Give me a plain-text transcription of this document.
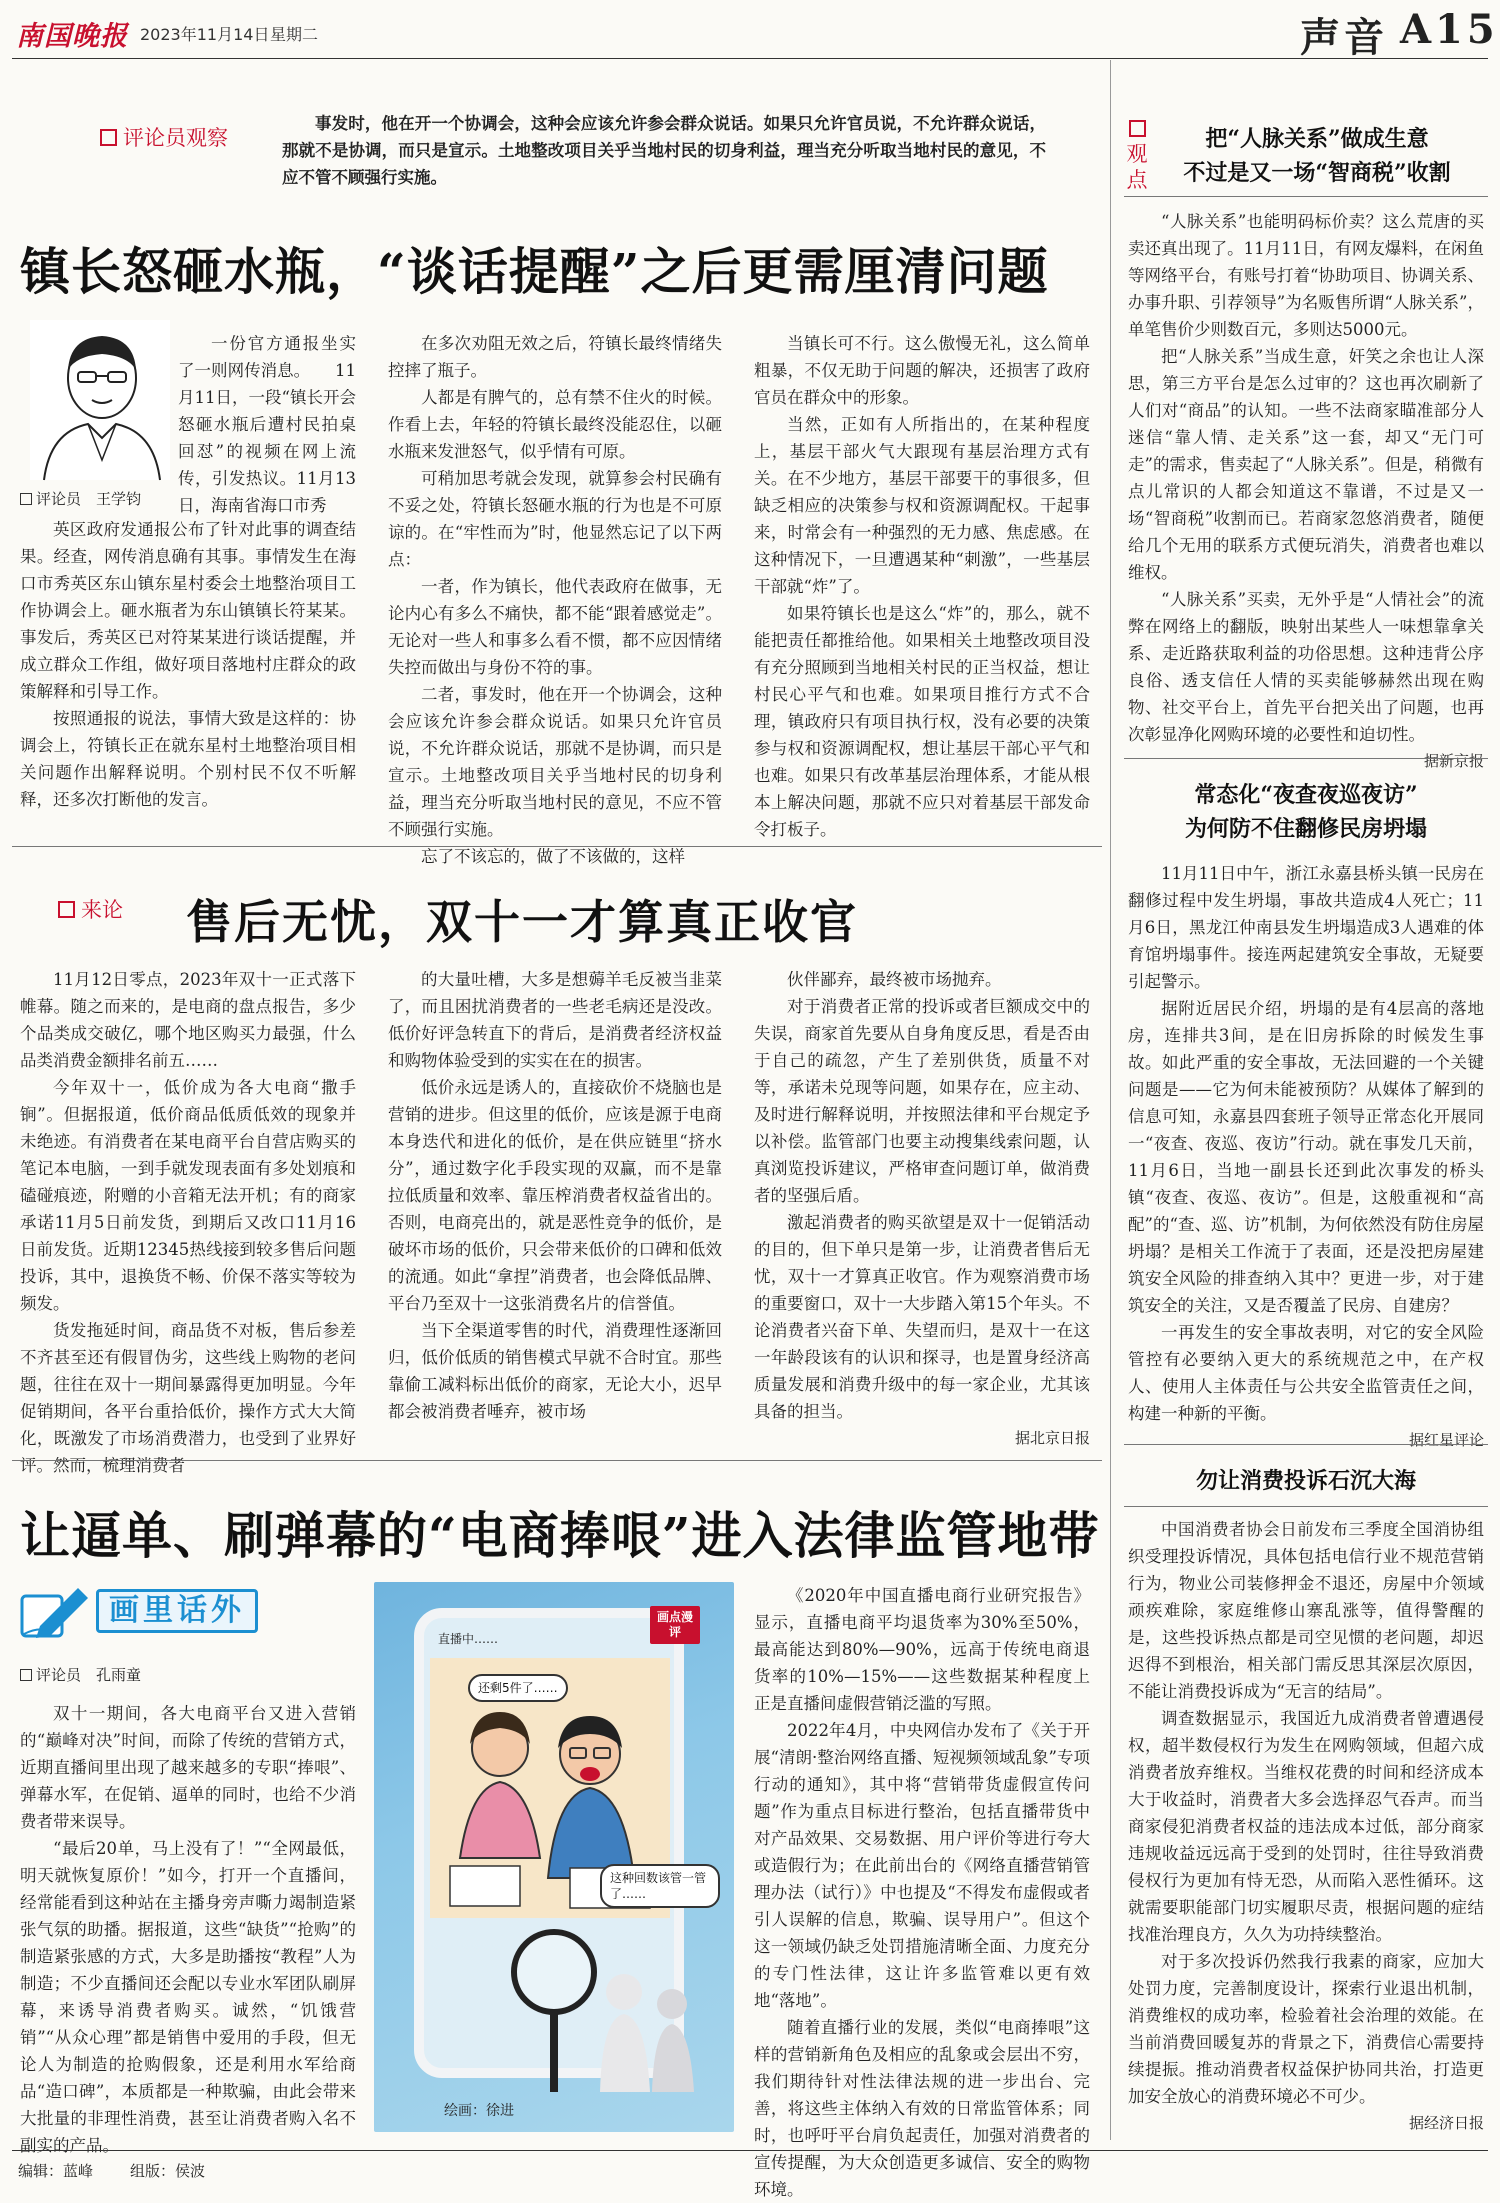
南国晚报 2023年11月14日 星期二	声音 A15
评论员观察
事发时，他在开一个协调会，这种会应该允许参会群众说话。如果只允许官员说，不允许群众说话，那就不是协调，而只是宣示。土地整改项目关乎当地村民的切身利益，理当充分听取当地村民的意见，不应不管不顾强行实施。
镇长怒砸水瓶，“谈话提醒”之后更需厘清问题
评论员　王学钧

一份官方通报坐实了一则网传消息。　　11月11日，一段“镇长开会怒砸水瓶后遭村民拍桌回怼”的视频在网上流传，引发热议。11月13日，海南省海口市秀

英区政府发通报公布了针对此事的调查结果。经查，网传消息确有其事。事情发生在海口市秀英区东山镇东星村委会土地整治项目工作协调会上。砸水瓶者为东山镇镇长符某某。事发后，秀英区已对符某某进行谈话提醒，并成立群众工作组，做好项目落地村庄群众的政策解释和引导工作。

按照通报的说法，事情大致是这样的：协调会上，符镇长正在就东星村土地整治项目相关问题作出解释说明。个别村民不仅不听解释，还多次打断他的发言。

在多次劝阻无效之后，符镇长最终情绪失控摔了瓶子。

人都是有脾气的，总有禁不住火的时候。作看上去，年轻的符镇长最终没能忍住，以砸水瓶来发泄怒气，似乎情有可原。

可稍加思考就会发现，就算参会村民确有不妥之处，符镇长怒砸水瓶的行为也是不可原谅的。在“牢性而为”时，他显然忘记了以下两点：

一者，作为镇长，他代表政府在做事，无论内心有多么不痛快，都不能“跟着感觉走”。无论对一些人和事多么看不惯，都不应因情绪失控而做出与身份不符的事。

二者，事发时，他在开一个协调会，这种会应该允许参会群众说话。如果只允许官员说，不允许群众说话，那就不是协调，而只是宣示。土地整改项目关乎当地村民的切身利益，理当充分听取当地村民的意见，不应不管不顾强行实施。

忘了不该忘的，做了不该做的，这样

当镇长可不行。这么傲慢无礼，这么简单粗暴，不仅无助于问题的解决，还损害了政府官员在群众中的形象。

当然，正如有人所指出的，在某种程度上，基层干部火气大跟现有基层治理方式有关。在不少地方，基层干部要干的事很多，但缺乏相应的决策参与权和资源调配权。干起事来，时常会有一种强烈的无力感、焦虑感。在这种情况下，一旦遭遇某种“刺激”，一些基层干部就“炸”了。

如果符镇长也是这么“炸”的，那么，就不能把责任都推给他。如果相关土地整改项目没有充分照顾到当地相关村民的正当权益，想让村民心平气和也难。如果项目推行方式不合理，镇政府只有项目执行权，没有必要的决策参与权和资源调配权，想让基层干部心平气和也难。如果只有改革基层治理体系，才能从根本上解决问题，那就不应只对着基层干部发命令打板子。

来论 售后无忧，双十一才算真正收官

11月12日零点，2023年双十一正式落下帷幕。随之而来的，是电商的盘点报告，多少个品类成交破亿，哪个地区购买力最强，什么品类消费金额排名前五……

今年双十一，低价成为各大电商“撒手锏”。但据报道，低价商品低质低效的现象并未绝迹。有消费者在某电商平台自营店购买的笔记本电脑，一到手就发现表面有多处划痕和磕碰痕迹，附赠的小音箱无法开机；有的商家承诺11月5日前发货，到期后又改口11月16日前发货。近期12345热线接到较多售后问题投诉，其中，退换货不畅、价保不落实等较为频发。

货发拖延时间，商品货不对板，售后参差不齐甚至还有假冒伪劣，这些线上购物的老问题，往往在双十一期间暴露得更加明显。今年促销期间，各平台重拾低价，操作方式大大简化，既激发了市场消费潜力，也受到了业界好评。然而，梳理消费者

的大量吐槽，大多是想薅羊毛反被当韭菜了，而且困扰消费者的一些老毛病还是没改。低价好评急转直下的背后，是消费者经济权益和购物体验受到的实实在在的损害。

低价永远是诱人的，直接砍价不烧脑也是营销的进步。但这里的低价，应该是源于电商本身迭代和进化的低价，是在供应链里“挤水分”，通过数字化手段实现的双赢，而不是靠拉低质量和效率、靠压榨消费者权益省出的。否则，电商亮出的，就是恶性竞争的低价，是破坏市场的低价，只会带来低价的口碑和低效的流通。如此“拿捏”消费者，也会降低品牌、平台乃至双十一这张消费名片的信誉值。

当下全渠道零售的时代，消费理性逐渐回归，低价低质的销售模式早就不合时宜。那些靠偷工减料标出低价的商家，无论大小，迟早都会被消费者唾弃，被市场

伙伴鄙弃，最终被市场抛弃。

对于消费者正常的投诉或者巨额成交中的失误，商家首先要从自身角度反思，看是否由于自己的疏忽，产生了差别供货，质量不对等，承诺未兑现等问题，如果存在，应主动、及时进行解释说明，并按照法律和平台规定予以补偿。监管部门也要主动搜集线索问题，认真浏览投诉建议，严格审查问题订单，做消费者的坚强后盾。

激起消费者的购买欲望是双十一促销活动的目的，但下单只是第一步，让消费者售后无忧，双十一才算真正收官。作为观察消费市场的重要窗口，双十一大步踏入第15个年头。不论消费者兴奋下单、失望而归，是双十一在这一年龄段该有的认识和探寻，也是置身经济高质量发展和消费升级中的每一家企业，尤其该具备的担当。

据北京日报

让逼单、刷弹幕的“电商捧哏”进入法律监管地带
画里话外
评论员　孔雨童

双十一期间，各大电商平台又进入营销的“巅峰对决”时间，而除了传统的营销方式，近期直播间里出现了越来越多的专职“捧哏”、弹幕水军，在促销、逼单的同时，也给不少消费者带来误导。

“最后20单，马上没有了！”“全网最低，明天就恢复原价！”如今，打开一个直播间，经常能看到这种站在主播身旁声嘶力竭制造紧张气氛的助播。据报道，这些“缺货”“抢购”的制造紧张感的方式，大多是助播按“教程”人为制造；不少直播间还会配以专业水军团队刷屏幕，来诱导消费者购买。诚然，“饥饿营销”“从众心理”都是销售中爱用的手段，但无论人为制造的抢购假象，还是利用水军给商品“造口碑”，本质都是一种欺骗，由此会带来大批量的非理性消费，甚至让消费者购入名不副实的产品。

直播中……
还剩5件了……
画点漫评
这种回数该管一管了……
绘画：徐进

《2020年中国直播电商行业研究报告》显示，直播电商平均退货率为30%至50%，最高能达到80%—90%，远高于传统电商退货率的10%—15%——这些数据某种程度上正是直播间虚假营销泛滥的写照。

2022年4月，中央网信办发布了《关于开展“清朗·整治网络直播、短视频领域乱象”专项行动的通知》，其中将“营销带货虚假宣传问题”作为重点目标进行整治，包括直播带货中对产品效果、交易数据、用户评价等进行夸大或造假行为；在此前出台的《网络直播营销管理办法（试行）》中也提及“不得发布虚假或者引人误解的信息，欺骗、误导用户”。但这个这一领域仍缺乏处罚措施清晰全面、力度充分的专门性法律，这让许多监管难以更有效地“落地”。

随着直播行业的发展，类似“电商捧哏”这样的营销新角色及相应的乱象或会层出不穷，我们期待针对性法律法规的进一步出台、完善，将这些主体纳入有效的日常监管体系；同时，也呼吁平台肩负起责任，加强对消费者的宣传提醒，为大众创造更多诚信、安全的购物环境。

观点
把“人脉关系”做成生意
不过是又一场“智商税”收割

“人脉关系”也能明码标价卖？这么荒唐的买卖还真出现了。11月11日，有网友爆料，在闲鱼等网络平台，有账号打着“协助项目、协调关系、办事升职、引荐领导”为名贩售所谓“人脉关系”，单笔售价少则数百元，多则达5000元。

把“人脉关系”当成生意，奸笑之余也让人深思，第三方平台是怎么过审的？这也再次刷新了人们对“商品”的认知。一些不法商家瞄准部分人迷信“靠人情、走关系”这一套，却又“无门可走”的需求，售卖起了“人脉关系”。但是，稍微有点儿常识的人都会知道这不靠谱，不过是又一场“智商税”收割而已。若商家忽悠消费者，随便给几个无用的联系方式便玩消失，消费者也难以维权。

“人脉关系”买卖，无外乎是“人情社会”的流弊在网络上的翻版，映射出某些人一味想靠拿关系、走近路获取利益的功俗思想。这种违背公序良俗、透支信任人情的买卖能够赫然出现在购物、社交平台上，首先平台把关出了问题，也再次彰显净化网购环境的必要性和迫切性。

据新京报

常态化“夜查夜巡夜访”
为何防不住翻修民房坍塌

11月11日中午，浙江永嘉县桥头镇一民房在翻修过程中发生坍塌，事故共造成4人死亡；11月6日，黑龙江仲南县发生坍塌造成3人遇难的体育馆坍塌事件。接连两起建筑安全事故，无疑要引起警示。

据附近居民介绍，坍塌的是有4层高的落地房，连排共3间，是在旧房拆除的时候发生事故。如此严重的安全事故，无法回避的一个关键问题是——它为何未能被预防？从媒体了解到的信息可知，永嘉县四套班子领导正常态化开展同一“夜查、夜巡、夜访”行动。就在事发几天前，11月6日，当地一副县长还到此次事发的桥头镇“夜查、夜巡、夜访”。但是，这般重视和“高配”的“查、巡、访”机制，为何依然没有防住房屋坍塌？是相关工作流于了表面，还是没把房屋建筑安全风险的排查纳入其中？更进一步，对于建筑安全的关注，又是否覆盖了民房、自建房？

一再发生的安全事故表明，对它的安全风险管控有必要纳入更大的系统规范之中，在产权人、使用人主体责任与公共安全监管责任之间，构建一种新的平衡。

据红星评论

勿让消费投诉石沉大海

中国消费者协会日前发布三季度全国消协组织受理投诉情况，具体包括电信行业不规范营销行为，物业公司装修押金不退还，房屋中介领域顽疾难除，家庭维修山寨乱涨等，值得警醒的是，这些投诉热点都是司空见惯的老问题，却迟迟得不到根治，相关部门需反思其深层次原因，不能让消费投诉成为“无言的结局”。

调查数据显示，我国近九成消费者曾遭遇侵权，超半数侵权行为发生在网购领域，但超六成消费者放弃维权。当维权花费的时间和经济成本大于收益时，消费者大多会选择忍气吞声。而当商家侵犯消费者权益的违法成本过低，部分商家违规收益远远高于受到的处罚时，往往导致消费侵权行为更加有恃无恐，从而陷入恶性循环。这就需要职能部门切实履职尽责，根据问题的症结找准治理良方，久久为功持续整治。

对于多次投诉仍然我行我素的商家，应加大处罚力度，完善制度设计，探索行业退出机制，消费维权的成功率，检验着社会治理的效能。在当前消费回暖复苏的背景之下，消费信心需要持续提振。推动消费者权益保护协同共治，打造更加安全放心的消费环境必不可少。

据经济日报

编辑：蓝峰 组版：侯波
